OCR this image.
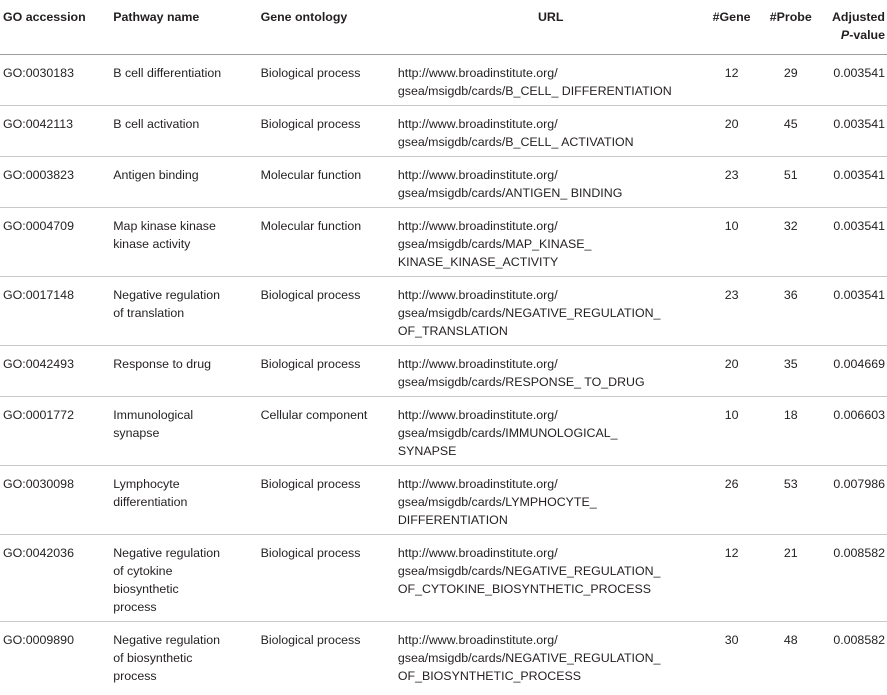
GO accession	Pathway name	Gene ontology	URL	#Gene	#Probe	Adjusted
P-value

GO:0030183	B cell differentiation	Biological process	http://www.broadinstitute.org/
gsea/msigdb/cards/B_CELL_ DIFFERENTIATION	12	29	0.003541
GO:0042113	B cell activation	Biological process	http://www.broadinstitute.org/
gsea/msigdb/cards/B_CELL_ ACTIVATION	20	45	0.003541
GO:0003823	Antigen binding	Molecular function	http://www.broadinstitute.org/
gsea/msigdb/cards/ANTIGEN_ BINDING	23	51	0.003541
GO:0004709	Map kinase kinase
kinase activity	Molecular function	http://www.broadinstitute.org/
gsea/msigdb/cards/MAP_KINASE_
KINASE_KINASE_ACTIVITY	10	32	0.003541
GO:0017148	Negative regulation
of translation	Biological process	http://www.broadinstitute.org/
gsea/msigdb/cards/NEGATIVE_REGULATION_
OF_TRANSLATION	23	36	0.003541
GO:0042493	Response to drug	Biological process	http://www.broadinstitute.org/
gsea/msigdb/cards/RESPONSE_ TO_DRUG	20	35	0.004669
GO:0001772	Immunological
synapse	Cellular component	http://www.broadinstitute.org/
gsea/msigdb/cards/IMMUNOLOGICAL_
SYNAPSE	10	18	0.006603
GO:0030098	Lymphocyte
differentiation	Biological process	http://www.broadinstitute.org/
gsea/msigdb/cards/LYMPHOCYTE_
DIFFERENTIATION	26	53	0.007986
GO:0042036	Negative regulation
of cytokine
biosynthetic
process	Biological process	http://www.broadinstitute.org/
gsea/msigdb/cards/NEGATIVE_REGULATION_
OF_CYTOKINE_BIOSYNTHETIC_PROCESS	12	21	0.008582
GO:0009890	Negative regulation
of biosynthetic
process	Biological process	http://www.broadinstitute.org/
gsea/msigdb/cards/NEGATIVE_REGULATION_
OF_BIOSYNTHETIC_PROCESS	30	48	0.008582
